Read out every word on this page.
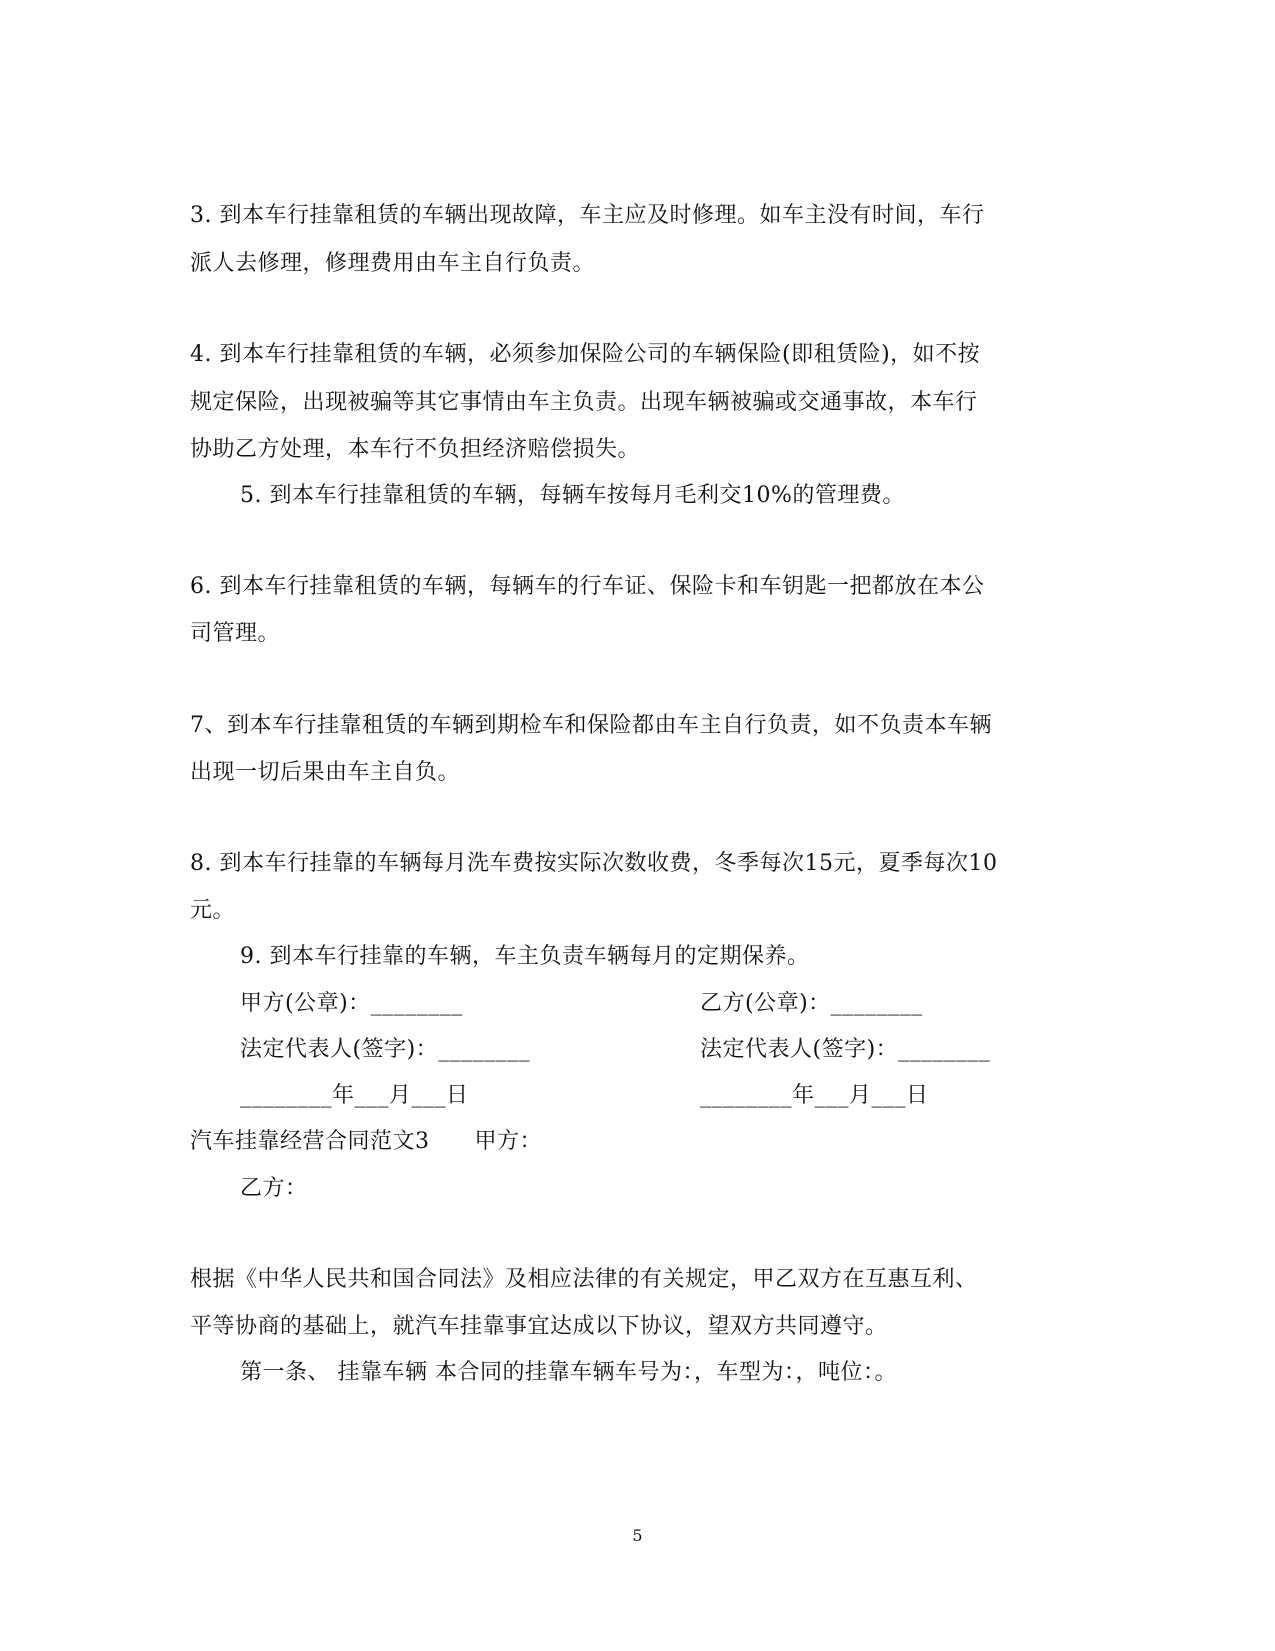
3. 到本车行挂靠租赁的车辆出现故障，车主应及时修理。如车主没有时间，车行
派人去修理，修理费用由车主自行负责。
4. 到本车行挂靠租赁的车辆，必须参加保险公司的车辆保险(即租赁险)，如不按
规定保险，出现被骗等其它事情由车主负责。出现车辆被骗或交通事故，本车行
协助乙方处理，本车行不负担经济赔偿损失。
5. 到本车行挂靠租赁的车辆，每辆车按每月毛利交10%的管理费。
6. 到本车行挂靠租赁的车辆，每辆车的行车证、保险卡和车钥匙一把都放在本公
司管理。
7、到本车行挂靠租赁的车辆到期检车和保险都由车主自行负责，如不负责本车辆
出现一切后果由车主自负。
8. 到本车行挂靠的车辆每月洗车费按实际次数收费，冬季每次15元，夏季每次10
元。
9. 到本车行挂靠的车辆，车主负责车辆每月的定期保养。
甲方(公章)：________	乙方(公章)：________
法定代表人(签字)：________	法定代表人(签字)：________
________年___月___日	________年___月___日
汽车挂靠经营合同范文3　　甲方：
乙方：
根据《中华人民共和国合同法》及相应法律的有关规定，甲乙双方在互惠互利、
平等协商的基础上，就汽车挂靠事宜达成以下协议，望双方共同遵守。
第一条、 挂靠车辆 本合同的挂靠车辆车号为：，车型为：，吨位：。
5
